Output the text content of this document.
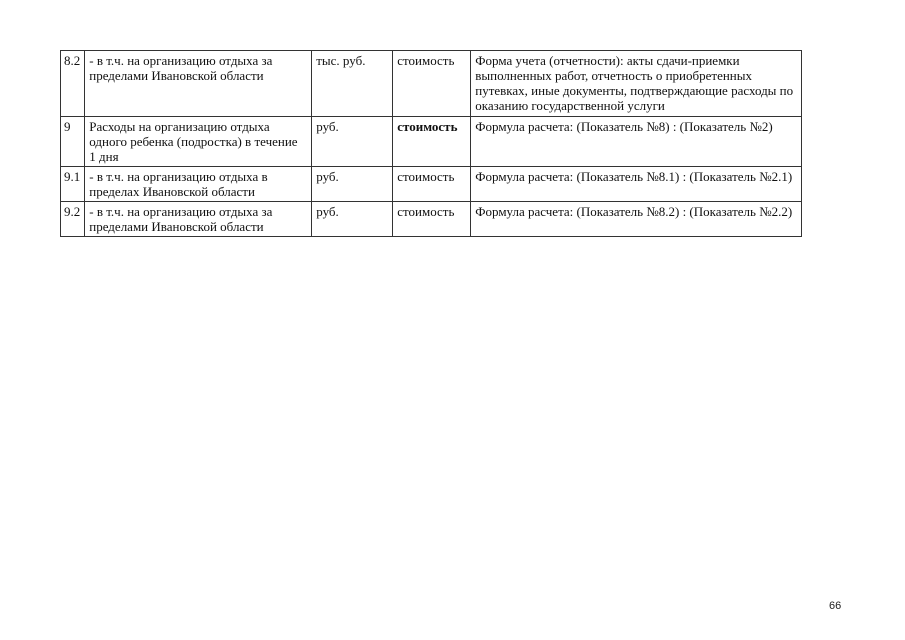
8.2	- в т.ч. на организацию отдыха за пределами Ивановской области	тыс. руб.	стоимость	Форма учета (отчетности): акты сдачи-приемки выполненных работ, отчетность о приобретенных путевках, иные документы, подтверждающие расходы по оказанию государственной услуги
9	Расходы на организацию отдыха одного ребенка (подростка) в течение 1 дня	руб.	стоимость	Формула расчета: (Показатель №8) : (Показатель №2)
9.1	- в т.ч. на организацию отдыха в пределах Ивановской области	руб.	стоимость	Формула расчета: (Показатель №8.1) : (Показатель №2.1)
9.2	- в т.ч. на организацию отдыха за пределами Ивановской области	руб.	стоимость	Формула расчета: (Показатель №8.2) : (Показатель №2.2)
66
